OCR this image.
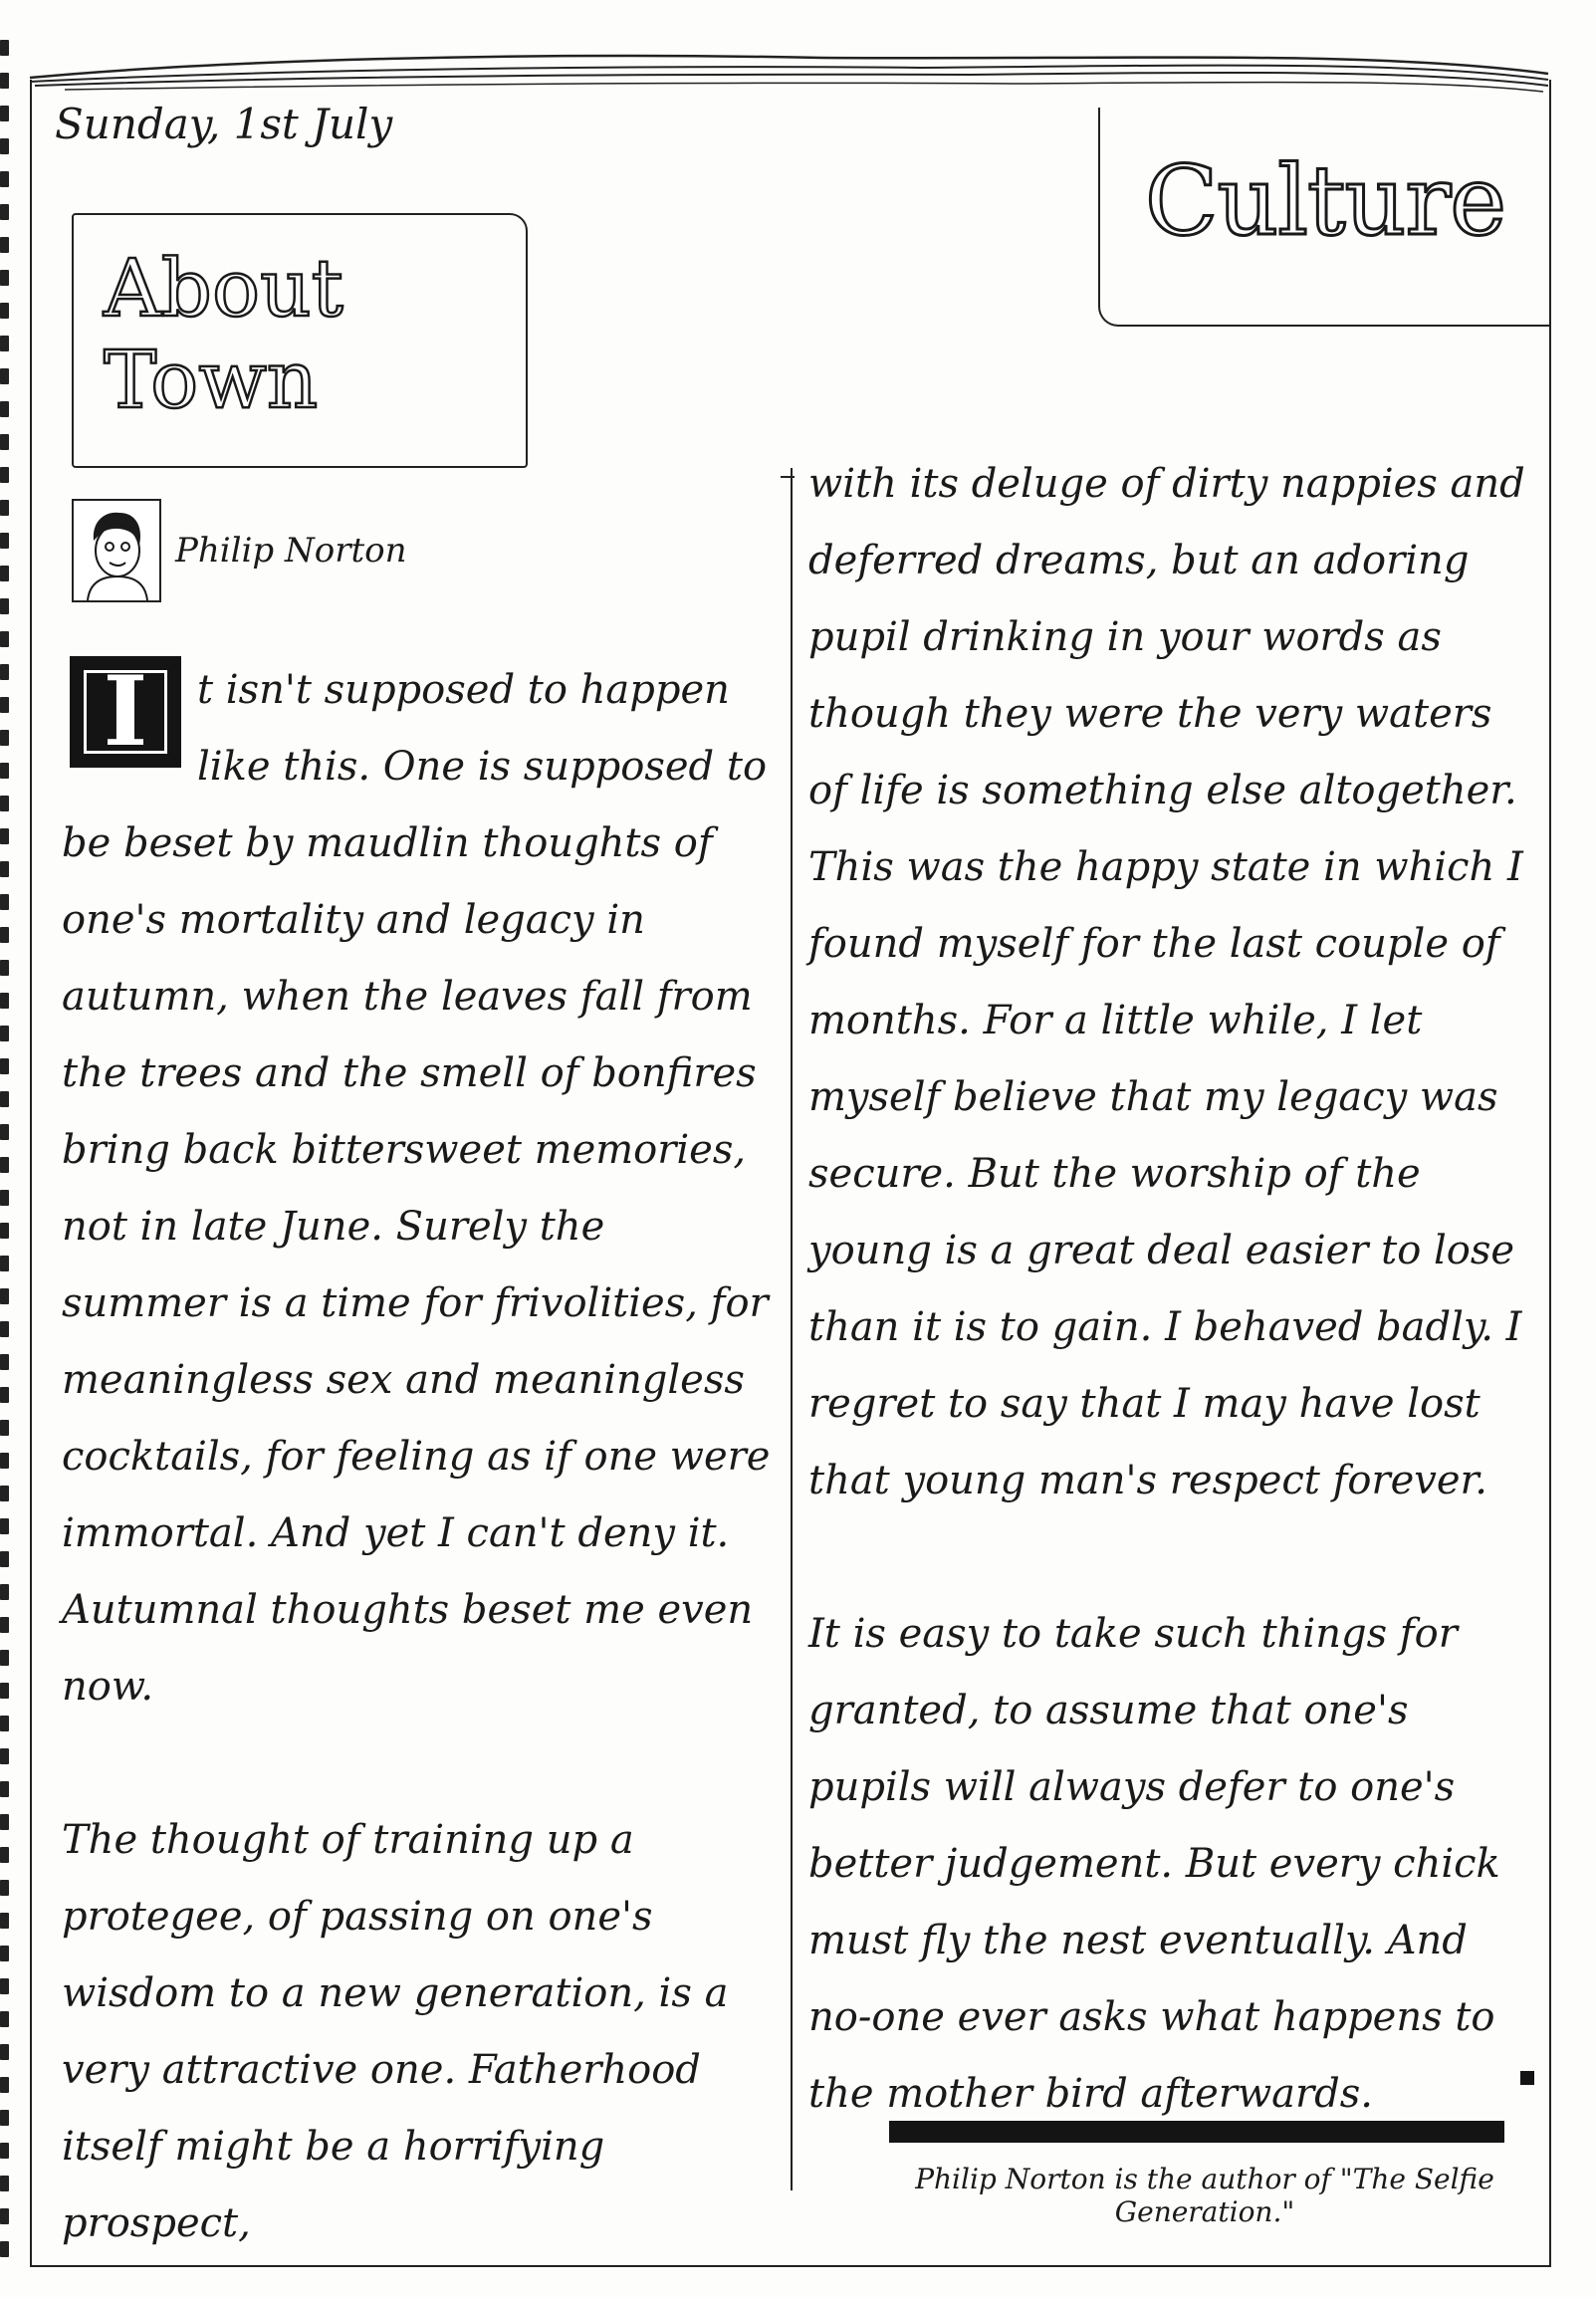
Sunday, 1st July
Culture
About
Town
Philip Norton
I	t isn't supposed to happen like this. One is supposed to be beset by maudlin thoughts of one's mortality and legacy in autumn, when the leaves fall from the trees and the smell of bonfires bring back bittersweet memories, not in late June. Surely the summer is a time for frivolities, for meaningless sex and meaningless cocktails, for feeling as if one were immortal. And yet I can't deny it. Autumnal thoughts beset me even now.

The thought of training up a protegee, of passing on one's wisdom to a new generation, is a very attractive one. Fatherhood itself might be a horrifying prospect,

with its deluge of dirty nappies and deferred dreams, but an adoring pupil drinking in your words as though they were the very waters of life is something else altogether. This was the happy state in which I found myself for the last couple of months. For a little while, I let myself believe that my legacy was secure. But the worship of the young is a great deal easier to lose than it is to gain. I behaved badly. I regret to say that I may have lost that young man's respect forever.

It is easy to take such things for granted, to assume that one's pupils will always defer to one's better judgement. But every chick must fly the nest eventually. And no-one ever asks what happens to the mother bird afterwards.

Philip Norton is the author of "The Selfie Generation."
